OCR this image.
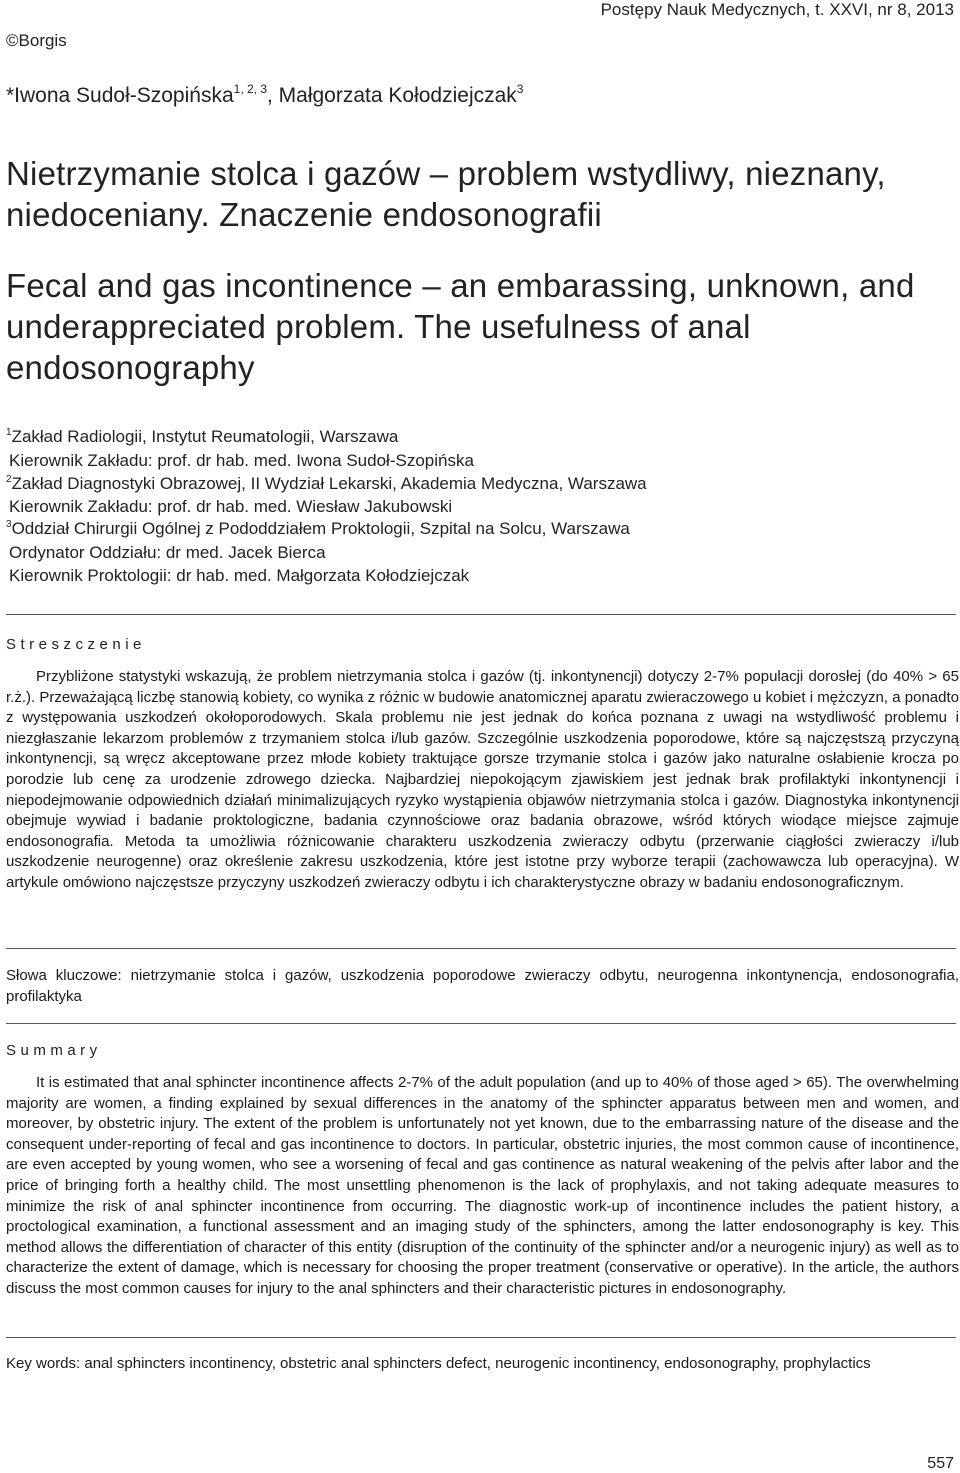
Postępy Nauk Medycznych, t. XXVI, nr 8, 2013
©Borgis
*Iwona Sudoł-Szopińska$^{1, 2, 3}$, Małgorzata Kołodziejczak$^3$
Nietrzymanie stolca i gazów – problem wstydliwy, nieznany, niedoceniany. Znaczenie endosonografii
Fecal and gas incontinence – an embarassing, unknown, and underappreciated problem. The usefulness of anal endosonography
$^1$Zakład Radiologii, Instytut Reumatologii, Warszawa
Kierownik Zakładu: prof. dr hab. med. Iwona Sudoł-Szopińska
$^2$Zakład Diagnostyki Obrazowej, II Wydział Lekarski, Akademia Medyczna, Warszawa
Kierownik Zakładu: prof. dr hab. med. Wiesław Jakubowski
$^3$Oddział Chirurgii Ogólnej z Pododdziałem Proktologii, Szpital na Solcu, Warszawa
Ordynator Oddziału: dr med. Jacek Bierca
Kierownik Proktologii: dr hab. med. Małgorzata Kołodziejczak
Streszczenie

Przybliżone statystyki wskazują, że problem nietrzymania stolca i gazów (tj. inkontynencji) dotyczy 2-7% populacji dorosłej (do 40% > 65 r.ż.). Przeważającą liczbę stanowią kobiety, co wynika z różnic w budowie anatomicznej aparatu zwieraczowego u kobiet i mężczyzn, a ponadto z występowania uszkodzeń okołoporodowych. Skala problemu nie jest jednak do końca poznana z uwagi na wstydliwość problemu i niezgłaszanie lekarzom problemów z trzymaniem stolca i/lub gazów. Szczególnie uszkodzenia poporodowe, które są najczęstszą przyczyną inkontynencji, są wręcz akceptowane przez młode kobiety traktujące gorsze trzymanie stolca i gazów jako naturalne osłabienie krocza po porodzie lub cenę za urodzenie zdrowego dziecka. Najbardziej niepokojącym zjawiskiem jest jednak brak profilaktyki inkontynencji i niepodejmowanie odpowiednich działań minimalizujących ryzyko wystąpienia objawów nietrzymania stolca i gazów. Diagnostyka inkontynencji obejmuje wywiad i badanie proktologiczne, badania czynnościowe oraz badania obrazowe, wśród których wiodące miejsce zajmuje endosonografia. Metoda ta umożliwia różnicowanie charakteru uszkodzenia zwieraczy odbytu (przerwanie ciągłości zwieraczy i/lub uszkodzenie neurogenne) oraz określenie zakresu uszkodzenia, które jest istotne przy wyborze terapii (zachowawcza lub operacyjna). W artykule omówiono najczęstsze przyczyny uszkodzeń zwieraczy odbytu i ich charakterystyczne obrazy w badaniu endosonograficznym.

Słowa kluczowe: nietrzymanie stolca i gazów, uszkodzenia poporodowe zwieraczy odbytu, neurogenna inkontynencja, endosonografia, profilaktyka

Summary

It is estimated that anal sphincter incontinence affects 2-7% of the adult population (and up to 40% of those aged > 65). The overwhelming majority are women, a finding explained by sexual differences in the anatomy of the sphincter apparatus between men and women, and moreover, by obstetric injury. The extent of the problem is unfortunately not yet known, due to the embarrassing nature of the disease and the consequent under-reporting of fecal and gas incontinence to doctors. In particular, obstetric injuries, the most common cause of incontinence, are even accepted by young women, who see a worsening of fecal and gas continence as natural weakening of the pelvis after labor and the price of bringing forth a healthy child. The most unsettling phenomenon is the lack of prophylaxis, and not taking adequate measures to minimize the risk of anal sphincter incontinence from occurring. The diagnostic work-up of incontinence includes the patient history, a proctological examination, a functional assessment and an imaging study of the sphincters, among the latter endosonography is key. This method allows the differentiation of character of this entity (disruption of the continuity of the sphincter and/or a neurogenic injury) as well as to characterize the extent of damage, which is necessary for choosing the proper treatment (conservative or operative). In the article, the authors discuss the most common causes for injury to the anal sphincters and their characteristic pictures in endosonography.

Key words: anal sphincters incontinency, obstetric anal sphincters defect, neurogenic incontinency, endosonography, prophylactics

557
